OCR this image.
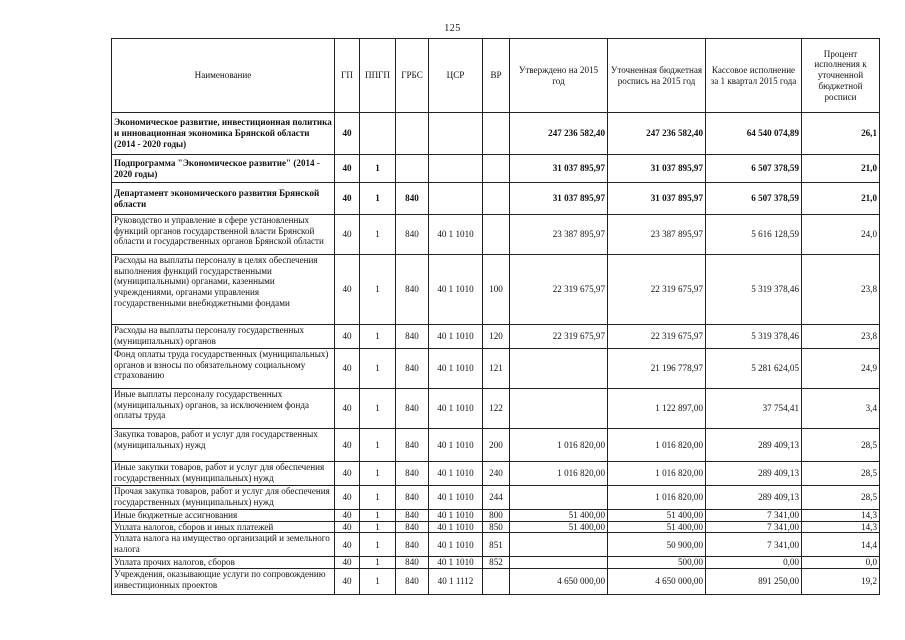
125
Наименование	ГП	ППГП	ГРБС	ЦСР	ВР	Утверждено на 2015 год	Уточненная бюджетная роспись на 2015 год	Кассовое исполнение за 1 квартал 2015 года	Процент исполнения к уточненной бюджетной росписи
Экономическое развитие, инвестиционная политика и инновационная экономика Брянской области (2014 - 2020 годы)	40					247 236 582,40	247 236 582,40	64 540 074,89	26,1
Подпрограмма "Экономическое развитие" (2014 - 2020 годы)	40	1				31 037 895,97	31 037 895,97	6 507 378,59	21,0
Департамент экономического развития Брянской области	40	1	840			31 037 895,97	31 037 895,97	6 507 378,59	21,0
Руководство и управление в сфере установленных функций органов государственной власти Брянской области и государственных органов Брянской области	40	1	840	40 1 1010		23 387 895,97	23 387 895,97	5 616 128,59	24,0
Расходы на выплаты персоналу в целях обеспечения выполнения функций государственными (муниципальными) органами, казенными учреждениями, органами управления государственными внебюджетными фондами	40	1	840	40 1 1010	100	22 319 675,97	22 319 675,97	5 319 378,46	23,8
Расходы на выплаты персоналу государственных (муниципальных) органов	40	1	840	40 1 1010	120	22 319 675,97	22 319 675,97	5 319 378,46	23,8
Фонд оплаты труда государственных (муниципальных) органов и взносы по обязательному социальному страхованию	40	1	840	40 1 1010	121		21 196 778,97	5 281 624,05	24,9
Иные выплаты персоналу государственных (муниципальных) органов, за исключением фонда оплаты труда	40	1	840	40 1 1010	122		1 122 897,00	37 754,41	3,4
Закупка товаров, работ и услуг для государственных (муниципальных) нужд	40	1	840	40 1 1010	200	1 016 820,00	1 016 820,00	289 409,13	28,5
Иные закупки товаров, работ и услуг для обеспечения государственных (муниципальных) нужд	40	1	840	40 1 1010	240	1 016 820,00	1 016 820,00	289 409,13	28,5
Прочая закупка товаров, работ и услуг для обеспечения государственных (муниципальных) нужд	40	1	840	40 1 1010	244		1 016 820,00	289 409,13	28,5
Иные бюджетные ассигнования	40	1	840	40 1 1010	800	51 400,00	51 400,00	7 341,00	14,3
Уплата налогов, сборов и иных платежей	40	1	840	40 1 1010	850	51 400,00	51 400,00	7 341,00	14,3
Уплата налога на имущество организаций и земельного налога	40	1	840	40 1 1010	851		50 900,00	7 341,00	14,4
Уплата прочих налогов, сборов	40	1	840	40 1 1010	852		500,00	0,00	0,0
Учреждения, оказывающие услуги по сопровождению инвестиционных проектов	40	1	840	40 1 1112		4 650 000,00	4 650 000,00	891 250,00	19,2
